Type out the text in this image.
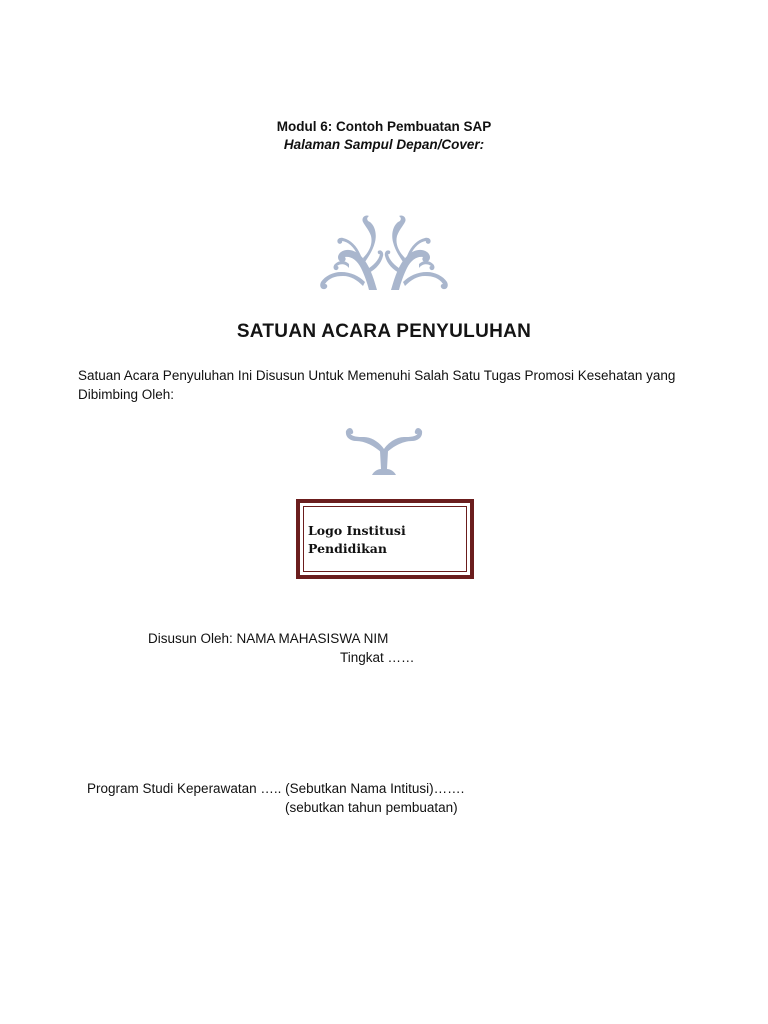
Modul 6: Contoh Pembuatan SAP
Halaman Sampul Depan/Cover:
SATUAN ACARA PENYULUHAN
Satuan Acara Penyuluhan Ini Disusun Untuk Memenuhi Salah Satu Tugas Promosi Kesehatan yang Dibimbing Oleh:
Logo Institusi
Pendidikan
Disusun Oleh: NAMA MAHASISWA NIM
Tingkat ……
Program Studi Keperawatan ….. (Sebutkan Nama Intitusi)…….
(sebutkan tahun pembuatan)
